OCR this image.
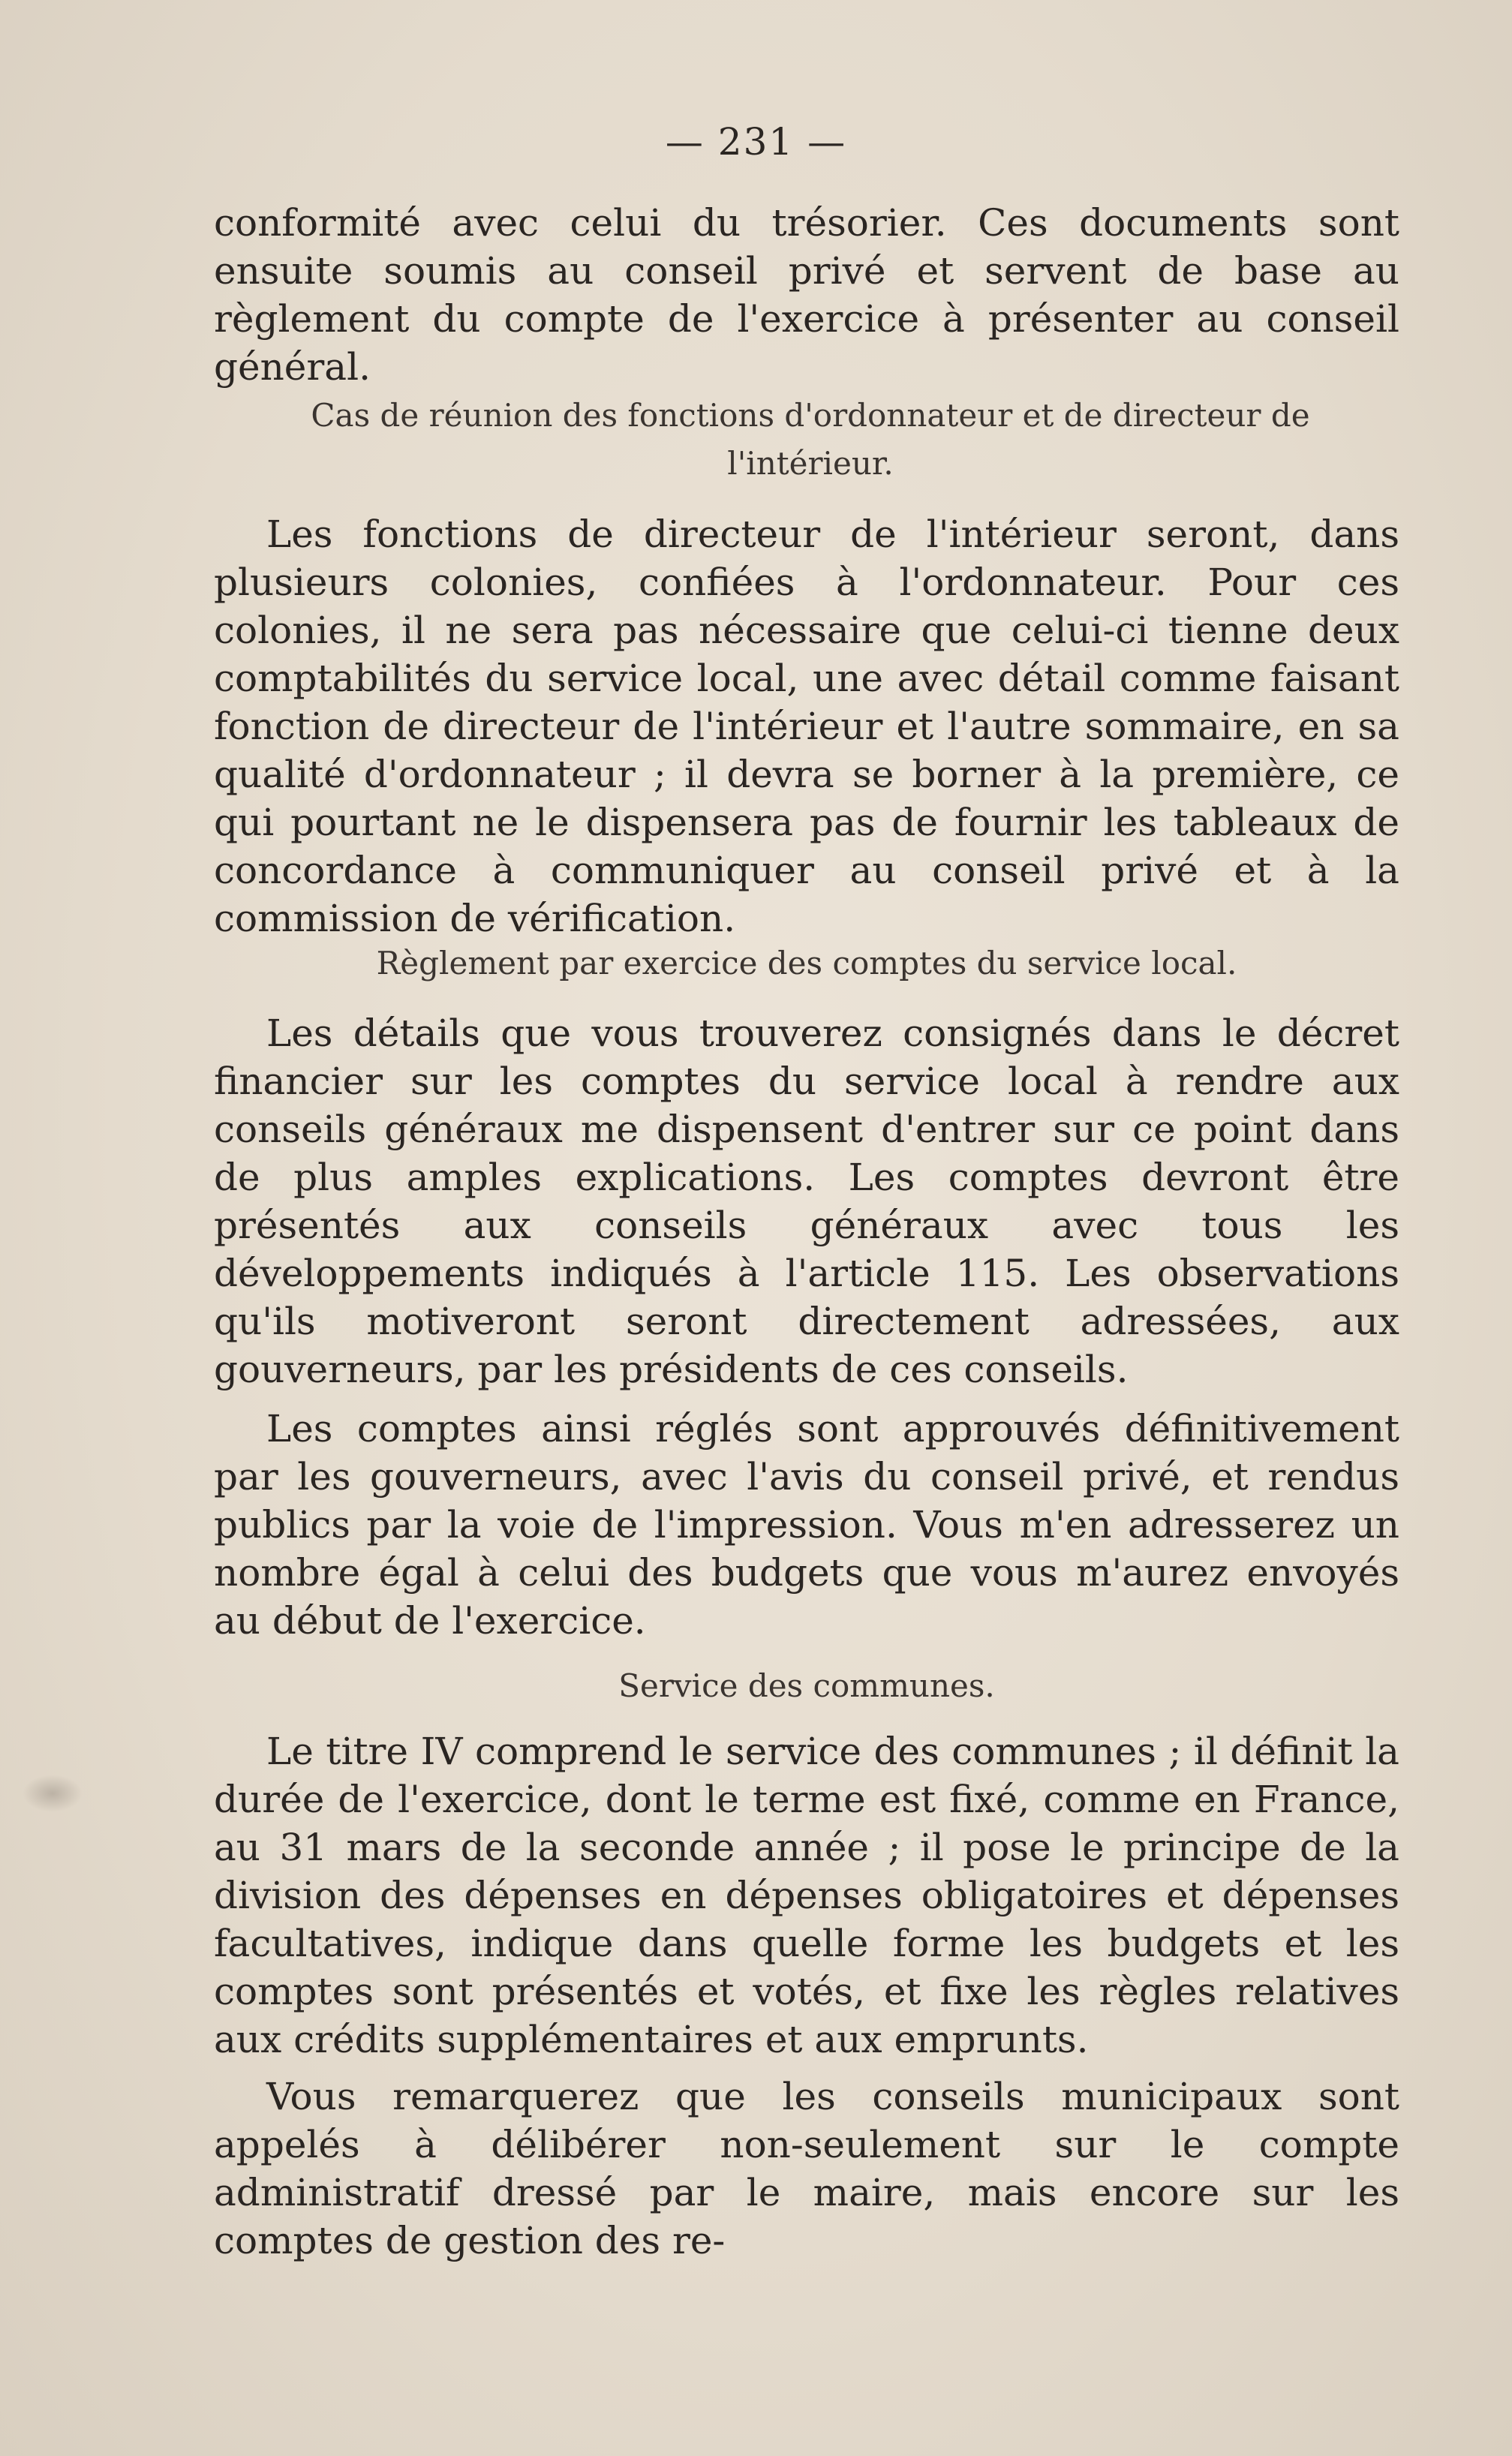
— 231 —
conformité avec celui du trésorier. Ces documents sont ensuite soumis au conseil privé et servent de base au règlement du compte de l'exercice à présenter au conseil général.
Cas de réunion des fonctions d'ordonnateur et de directeur de l'intérieur.
Les fonctions de directeur de l'intérieur seront, dans plusieurs colonies, confiées à l'ordonnateur. Pour ces colonies, il ne sera pas nécessaire que celui-ci tienne deux comptabilités du service local, une avec détail comme faisant fonction de directeur de l'intérieur et l'autre sommaire, en sa qualité d'ordonnateur ; il devra se borner à la première, ce qui pourtant ne le dispensera pas de fournir les tableaux de concordance à communiquer au conseil privé et à la commission de vérification.
Règlement par exercice des comptes du service local.
Les détails que vous trouverez consignés dans le décret financier sur les comptes du service local à rendre aux conseils généraux me dispensent d'entrer sur ce point dans de plus amples explications. Les comptes devront être présentés aux conseils généraux avec tous les développements indiqués à l'article 115. Les observations qu'ils motiveront seront directement adressées, aux gouverneurs, par les présidents de ces conseils.
Les comptes ainsi réglés sont approuvés définitivement par les gouverneurs, avec l'avis du conseil privé, et rendus publics par la voie de l'impression. Vous m'en adresserez un nombre égal à celui des budgets que vous m'aurez envoyés au début de l'exercice.
Service des communes.
Le titre IV comprend le service des communes ; il définit la durée de l'exercice, dont le terme est fixé, comme en France, au 31 mars de la seconde année ; il pose le principe de la division des dépenses en dépenses obligatoires et dépenses facultatives, indique dans quelle forme les budgets et les comptes sont présentés et votés, et fixe les règles relatives aux crédits supplémentaires et aux emprunts.
Vous remarquerez que les conseils municipaux sont appelés à délibérer non-seulement sur le compte administratif dressé par le maire, mais encore sur les comptes de gestion des re-
